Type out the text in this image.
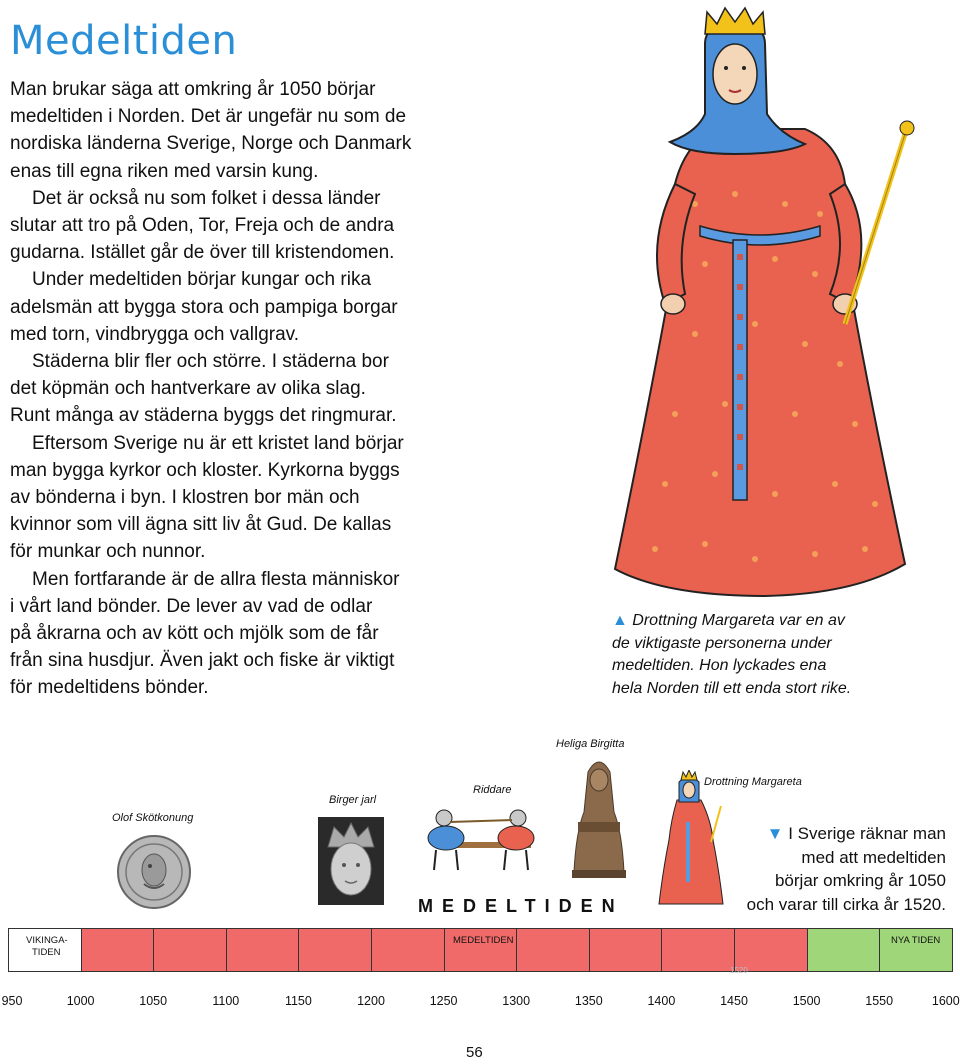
Medeltiden
Man brukar säga att omkring år 1050 börjar
medeltiden i Norden. Det är ungefär nu som de
nordiska länderna Sverige, Norge och Danmark
enas till egna riken med varsin kung.
Det är också nu som folket i dessa länder
slutar att tro på Oden, Tor, Freja och de andra
gudarna. Istället går de över till kristendomen.
Under medeltiden börjar kungar och rika
adelsmän att bygga stora och pampiga borgar
med torn, vindbrygga och vallgrav.
Städerna blir fler och större. I städerna bor
det köpmän och hantverkare av olika slag.
Runt många av städerna byggs det ringmurar.
Eftersom Sverige nu är ett kristet land börjar
man bygga kyrkor och kloster. Kyrkorna byggs
av bönderna i byn. I klostren bor män och
kvinnor som vill ägna sitt liv åt Gud. De kallas
för munkar och nunnor.
Men fortfarande är de allra flesta människor
i vårt land bönder. De lever av vad de odlar
på åkrarna och av kött och mjölk som de får
från sina husdjur. Även jakt och fiske är viktigt
för medeltidens bönder.
▲ Drottning Margareta var en av
de viktigaste personerna under
medeltiden. Hon lyckades ena
hela Norden till ett enda stort rike.
Heliga Birgitta
Drottning Margareta
Riddare
Birger jarl
Olof Skötkonung
MEDELTIDEN
▼ I Sverige räknar man
med att medeltiden
börjar omkring år 1050
och varar till cirka år 1520.
VIKINGA-
TIDEN
MEDELTIDEN	NYA TIDEN
1520
950	1000	1050	1100	1150	1200	1250	1300	1350	1400	1450	1500	1550	1600
56
